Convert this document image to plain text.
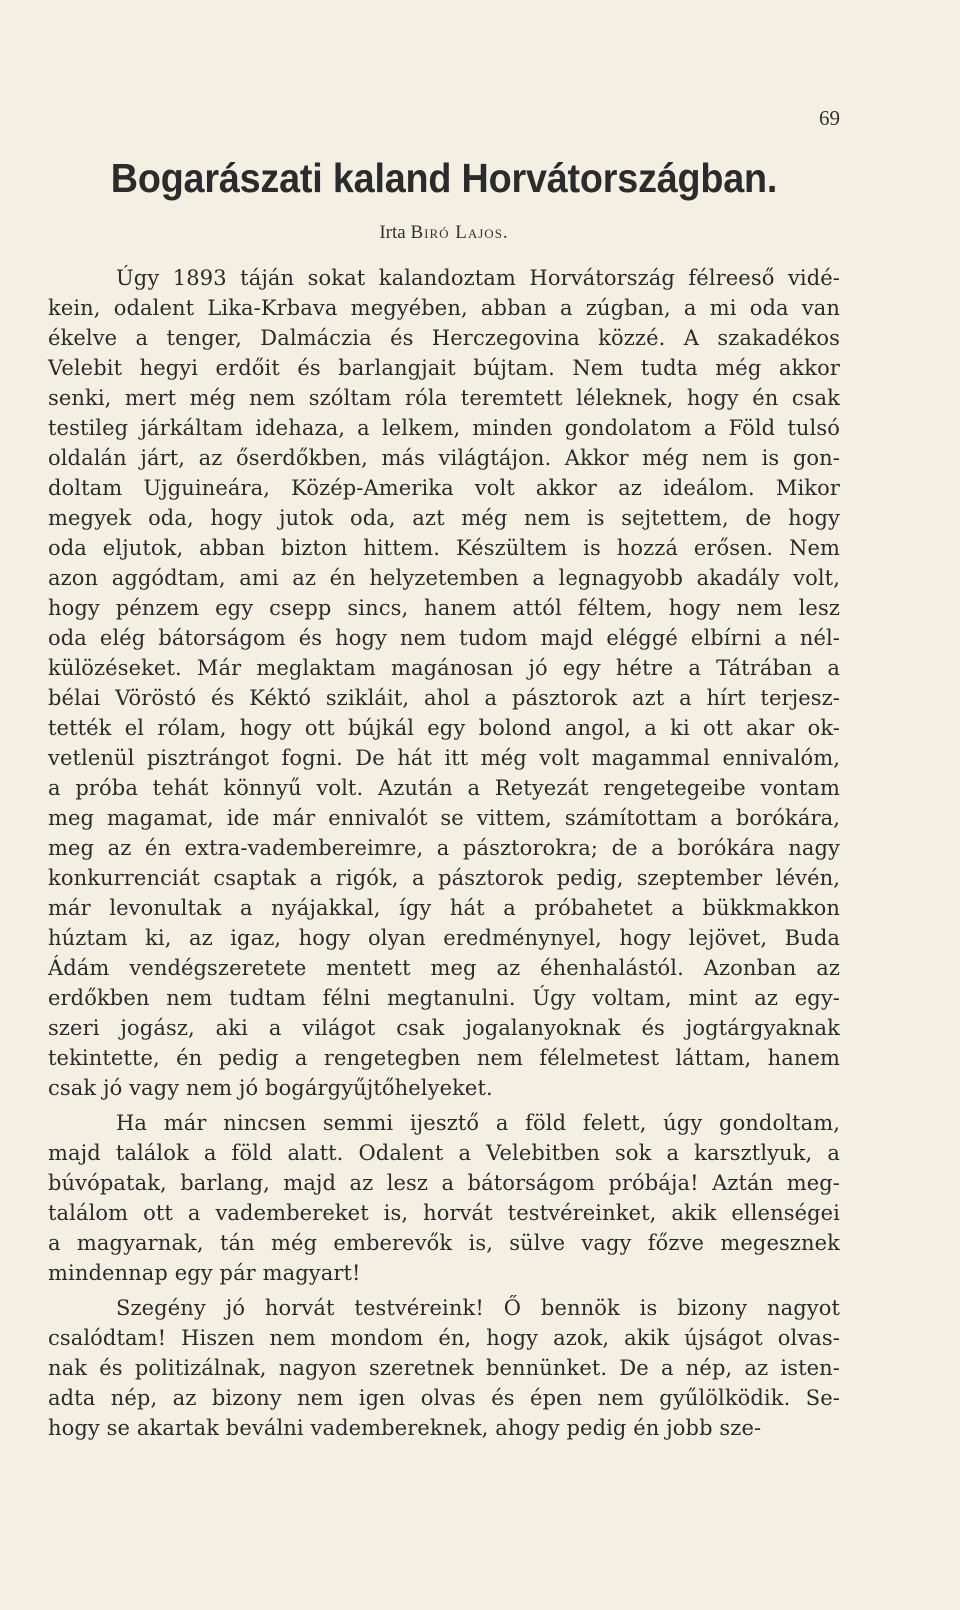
69
Bogarászati kaland Horvátországban.
Irta Biró Lajos.
Úgy 1893 táján sokat kalandoztam Horvátország félreeső vidé-
kein, odalent Lika-Krbava megyében, abban a zúgban, a mi oda van
ékelve a tenger, Dalmáczia és Herczegovina közzé. A szakadékos
Velebit hegyi erdőit és barlangjait bújtam. Nem tudta még akkor
senki, mert még nem szóltam róla teremtett léleknek, hogy én csak
testileg járkáltam idehaza, a lelkem, minden gondolatom a Föld tulsó
oldalán járt, az őserdőkben, más világtájon. Akkor még nem is gon-
doltam Ujguineára, Közép-Amerika volt akkor az ideálom. Mikor
megyek oda, hogy jutok oda, azt még nem is sejtettem, de hogy
oda eljutok, abban bizton hittem. Készültem is hozzá erősen. Nem
azon aggódtam, ami az én helyzetemben a legnagyobb akadály volt,
hogy pénzem egy csepp sincs, hanem attól féltem, hogy nem lesz
oda elég bátorságom és hogy nem tudom majd eléggé elbírni a nél-
külözéseket. Már meglaktam magánosan jó egy hétre a Tátrában a
bélai Vöröstó és Kéktó szikláit, ahol a pásztorok azt a hírt terjesz-
tették el rólam, hogy ott bújkál egy bolond angol, a ki ott akar ok-
vetlenül pisztrángot fogni. De hát itt még volt magammal ennivalóm,
a próba tehát könnyű volt. Azután a Retyezát rengetegeibe vontam
meg magamat, ide már ennivalót se vittem, számítottam a borókára,
meg az én extra-vadembereimre, a pásztorokra; de a borókára nagy
konkurrenciát csaptak a rigók, a pásztorok pedig, szeptember lévén,
már levonultak a nyájakkal, így hát a próbahetet a bükkmakkon
húztam ki, az igaz, hogy olyan eredménynyel, hogy lejövet, Buda
Ádám vendégszeretete mentett meg az éhenhalástól. Azonban az
erdőkben nem tudtam félni megtanulni. Úgy voltam, mint az egy-
szeri jogász, aki a világot csak jogalanyoknak és jogtárgyaknak
tekintette, én pedig a rengetegben nem félelmetest láttam, hanem
csak jó vagy nem jó bogárgyűjtőhelyeket.
Ha már nincsen semmi ijesztő a föld felett, úgy gondoltam,
majd találok a föld alatt. Odalent a Velebitben sok a karsztlyuk, a
búvópatak, barlang, majd az lesz a bátorságom próbája! Aztán meg-
találom ott a vadembereket is, horvát testvéreinket, akik ellenségei
a magyarnak, tán még emberevők is, sülve vagy főzve megesznek
mindennap egy pár magyart!
Szegény jó horvát testvéreink! Ő bennök is bizony nagyot
csalódtam! Hiszen nem mondom én, hogy azok, akik újságot olvas-
nak és politizálnak, nagyon szeretnek bennünket. De a nép, az isten-
adta nép, az bizony nem igen olvas és épen nem gyűlölködik. Se-
hogy se akartak beválni vadembereknek, ahogy pedig én jobb sze-
